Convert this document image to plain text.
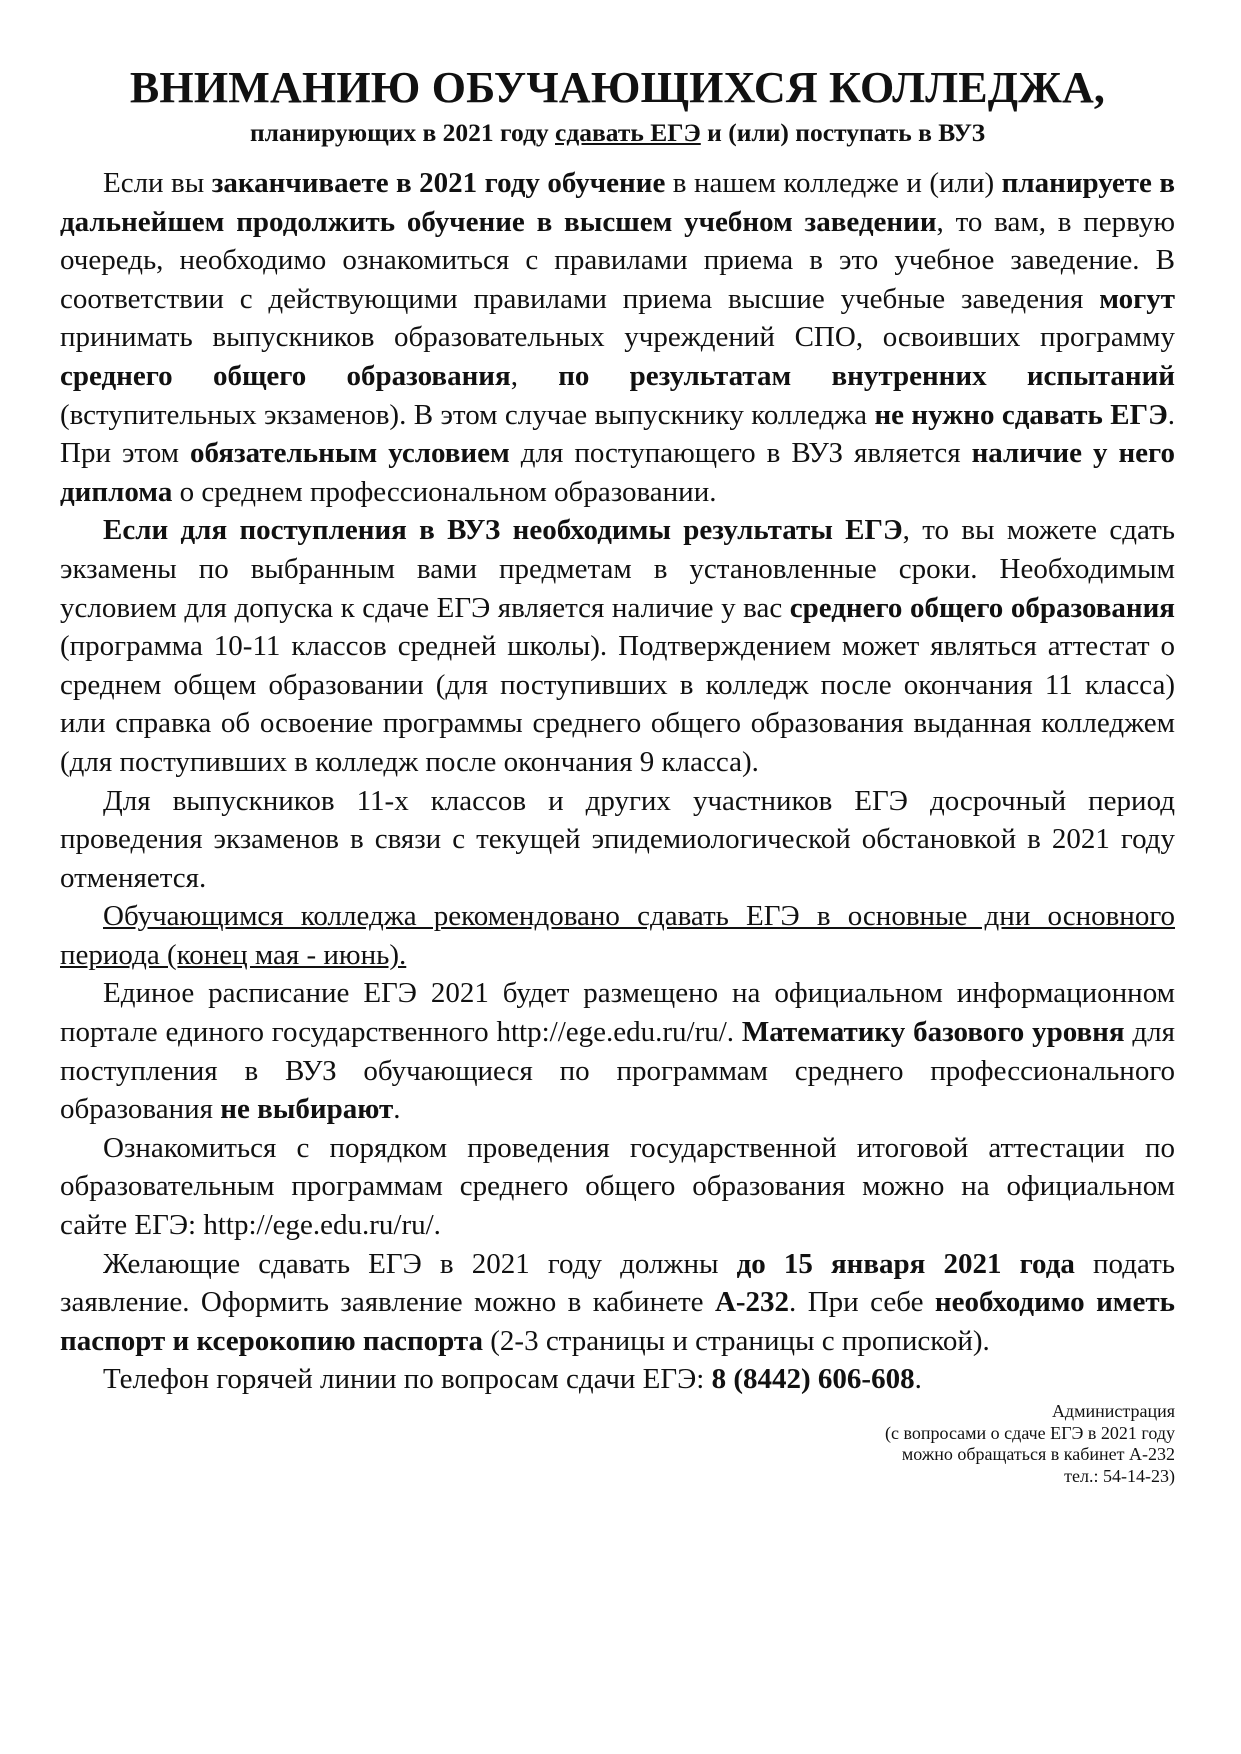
ВНИМАНИЮ ОБУЧАЮЩИХСЯ КОЛЛЕДЖА,
планирующих в 2021 году сдавать ЕГЭ и (или) поступать в ВУЗ

Если вы заканчиваете в 2021 году обучение в нашем колледже и (или) планируете в дальнейшем продолжить обучение в высшем учебном заведении, то вам, в первую очередь, необходимо ознакомиться с правилами приема в это учебное заведение. В соответствии с действующими правилами приема высшие учебные заведения могут принимать выпускников образовательных учреждений СПО, освоивших программу среднего общего образования, по результатам внутренних испытаний (вступительных экзаменов). В этом случае выпускнику колледжа не нужно сдавать ЕГЭ. При этом обязательным условием для поступающего в ВУЗ является наличие у него диплома о среднем профессиональном образовании.

Если для поступления в ВУЗ необходимы результаты ЕГЭ, то вы можете сдать экзамены по выбранным вами предметам в установленные сроки. Необходимым условием для допуска к сдаче ЕГЭ является наличие у вас среднего общего образования (программа 10-11 классов средней школы). Подтверждением может являться аттестат о среднем общем образовании (для поступивших в колледж после окончания 11 класса) или справка об освоение программы среднего общего образования выданная колледжем (для поступивших в колледж после окончания 9 класса).

Для выпускников 11-х классов и других участников ЕГЭ досрочный период проведения экзаменов в связи с текущей эпидемиологической обстановкой в 2021 году отменяется.

Обучающимся колледжа рекомендовано сдавать ЕГЭ в основные дни основного периода (конец мая - июнь).

Единое расписание ЕГЭ 2021 будет размещено на официальном информационном портале единого государственного http://ege.edu.ru/ru/. Математику базового уровня для поступления в ВУЗ обучающиеся по программам среднего профессионального образования не выбирают.

Ознакомиться с порядком проведения государственной итоговой аттестации по образовательным программам среднего общего образования можно на официальном сайте ЕГЭ: http://ege.edu.ru/ru/.

Желающие сдавать ЕГЭ в 2021 году должны до 15 января 2021 года подать заявление. Оформить заявление можно в кабинете А-232. При себе необходимо иметь паспорт и ксерокопию паспорта (2-3 страницы и страницы с пропиской).

Телефон горячей линии по вопросам сдачи ЕГЭ: 8 (8442) 606-608.

Администрация
(с вопросами о сдаче ЕГЭ в 2021 году
можно обращаться в кабинет А-232
тел.: 54-14-23)
